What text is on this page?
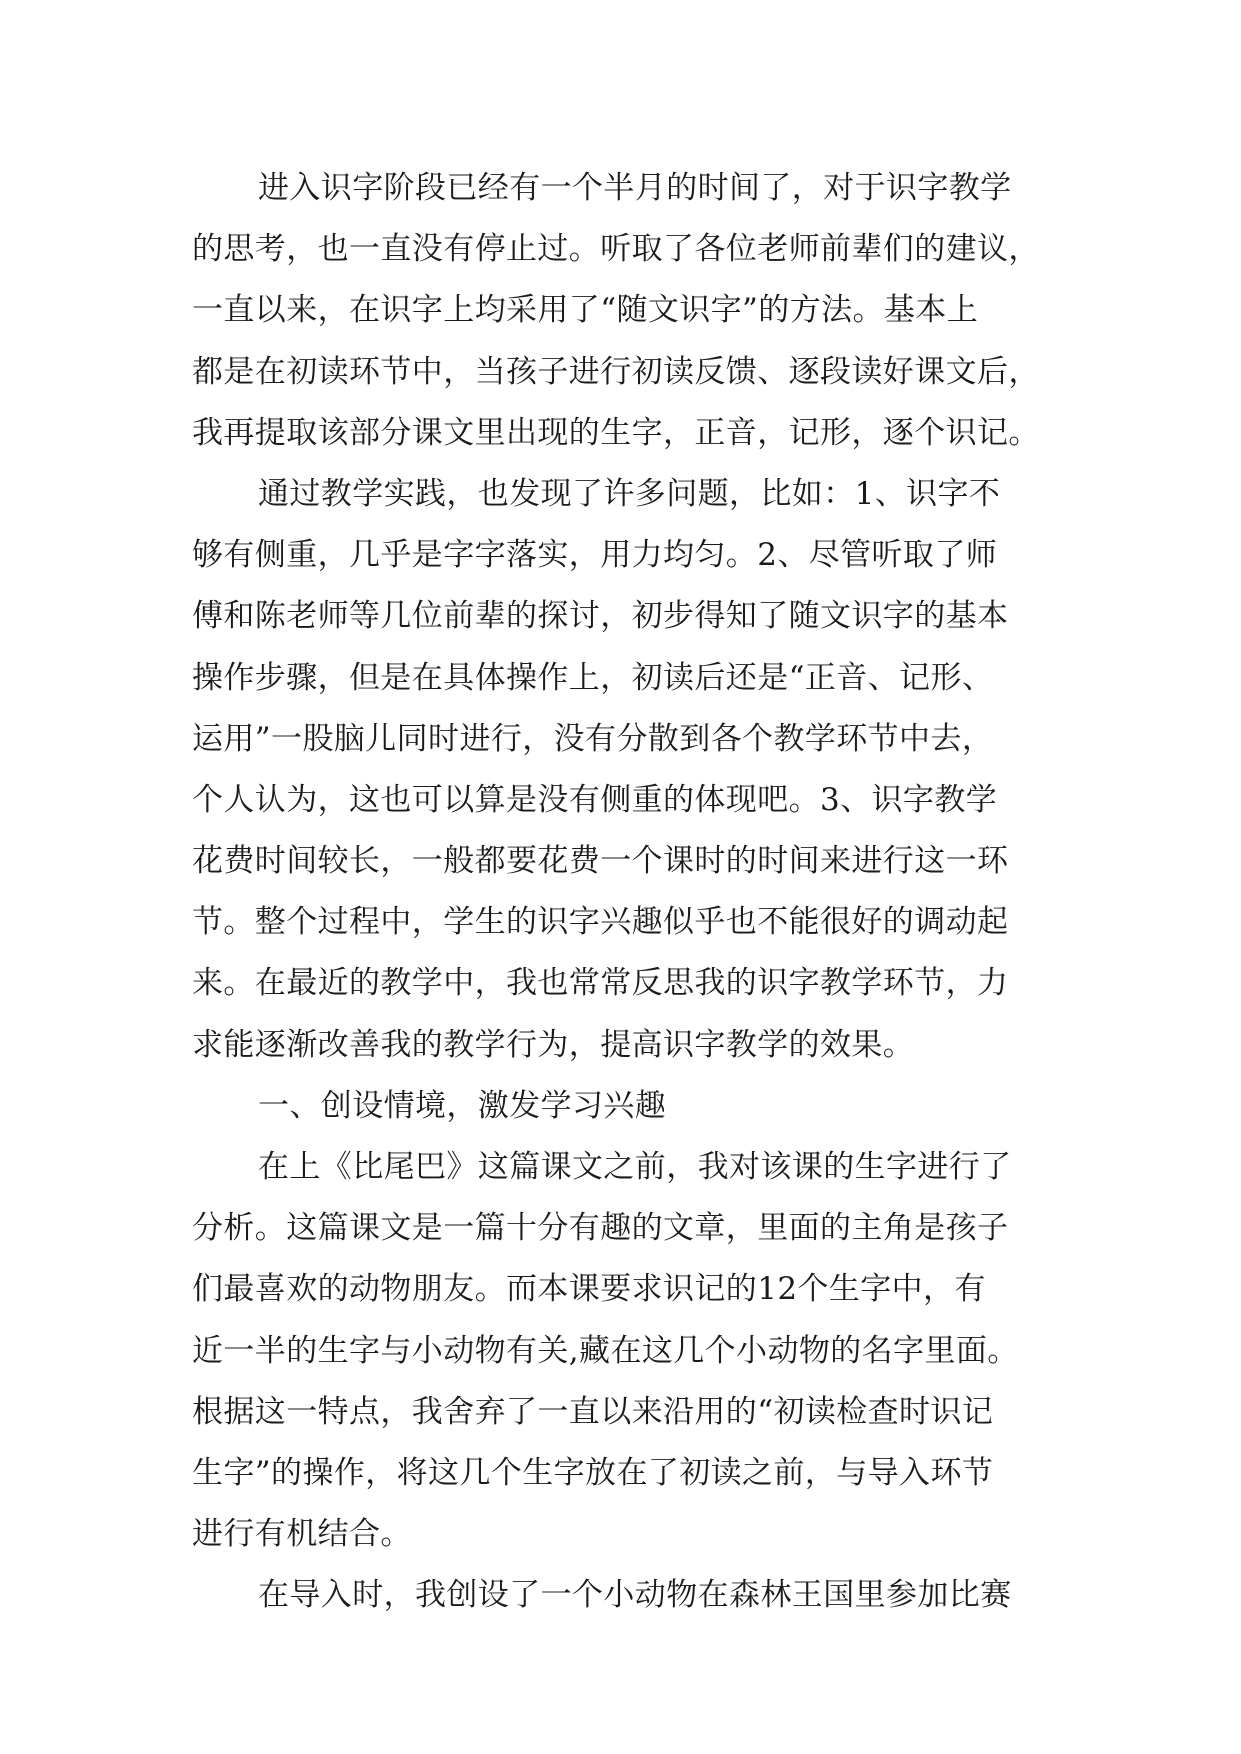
进入识字阶段已经有一个半月的时间了，对于识字教学
的思考，也一直没有停止过。听取了各位老师前辈们的建议，
一直以来，在识字上均采用了“随文识字”的方法。基本上
都是在初读环节中，当孩子进行初读反馈、逐段读好课文后，
我再提取该部分课文里出现的生字，正音，记形，逐个识记。
通过教学实践，也发现了许多问题，比如：1、识字不
够有侧重，几乎是字字落实，用力均匀。2、尽管听取了师
傅和陈老师等几位前辈的探讨，初步得知了随文识字的基本
操作步骤，但是在具体操作上，初读后还是“正音、记形、
运用”一股脑儿同时进行，没有分散到各个教学环节中去，
个人认为，这也可以算是没有侧重的体现吧。3、识字教学
花费时间较长，一般都要花费一个课时的时间来进行这一环
节。整个过程中，学生的识字兴趣似乎也不能很好的调动起
来。在最近的教学中，我也常常反思我的识字教学环节，力
求能逐渐改善我的教学行为，提高识字教学的效果。
一、创设情境，激发学习兴趣
在上《比尾巴》这篇课文之前，我对该课的生字进行了
分析。这篇课文是一篇十分有趣的文章，里面的主角是孩子
们最喜欢的动物朋友。而本课要求识记的12个生字中，有
近一半的生字与小动物有关,藏在这几个小动物的名字里面。
根据这一特点，我舍弃了一直以来沿用的“初读检查时识记
生字”的操作，将这几个生字放在了初读之前，与导入环节
进行有机结合。
在导入时，我创设了一个小动物在森林王国里参加比赛
